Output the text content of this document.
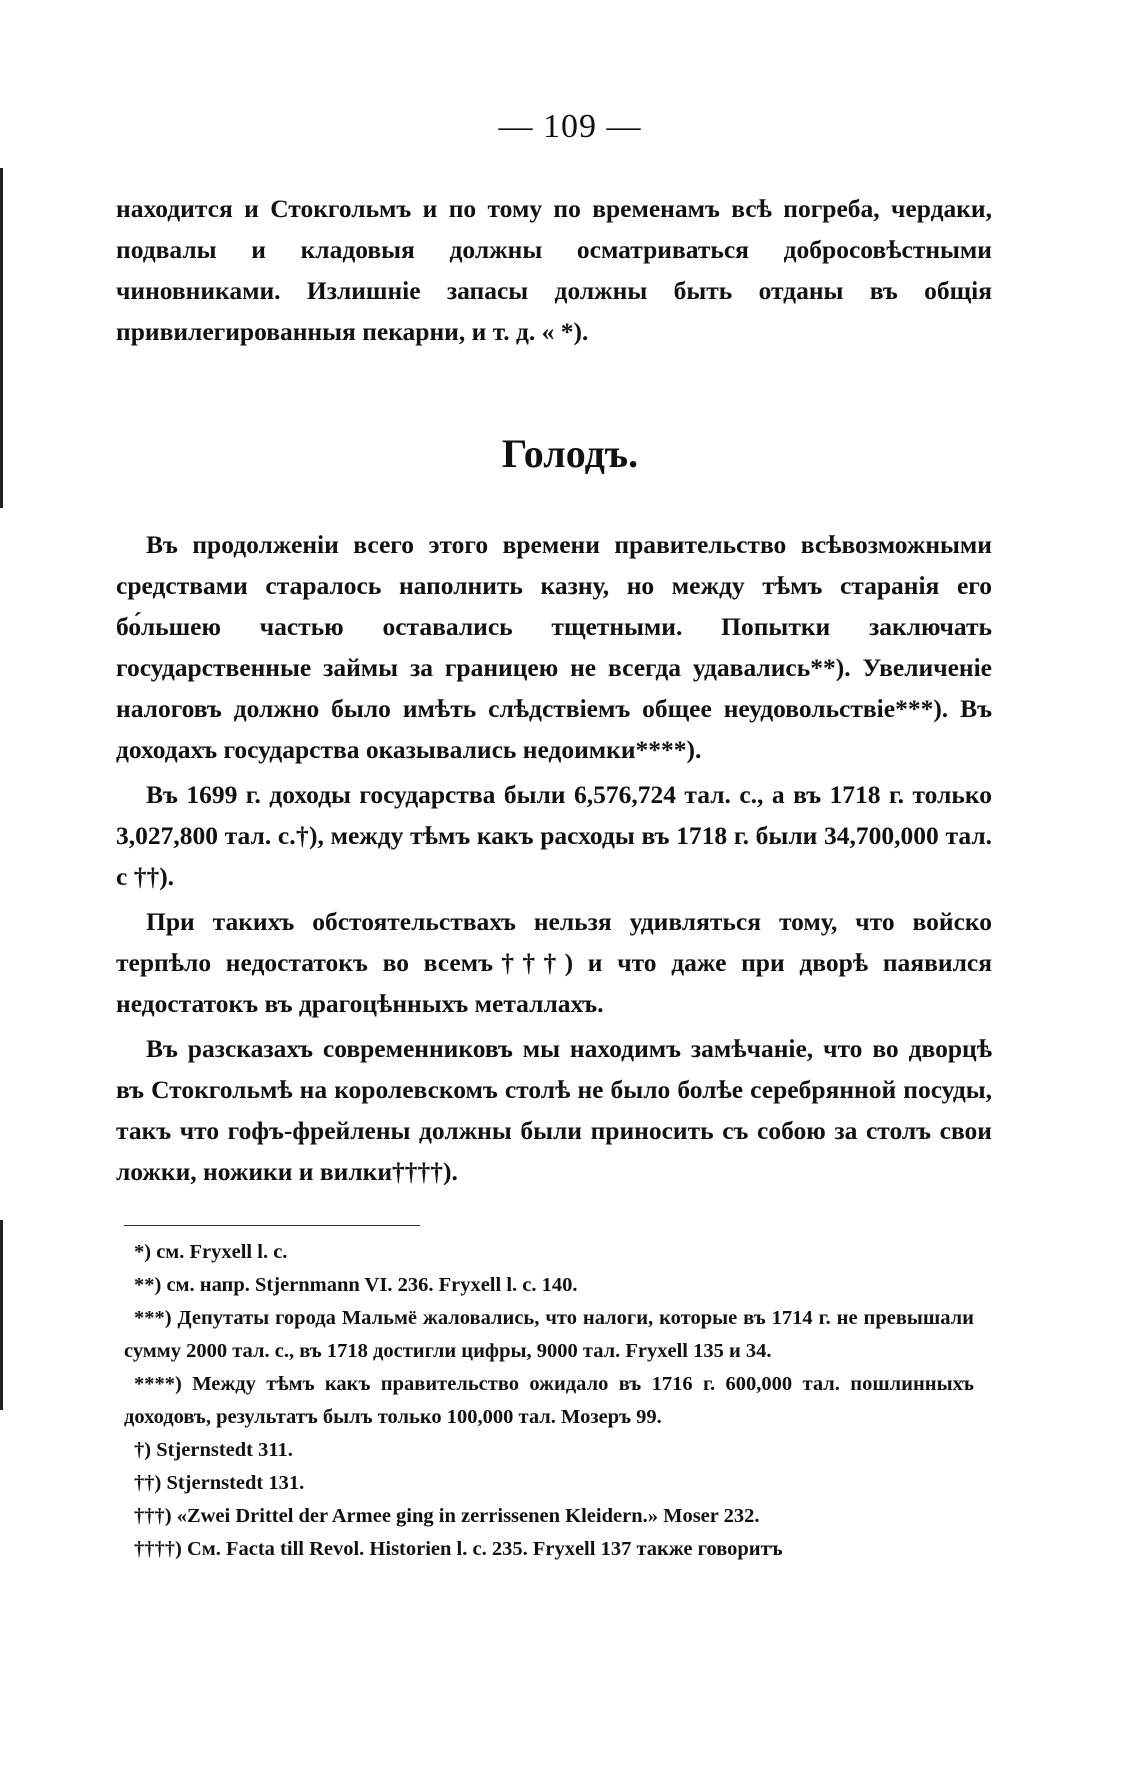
— 109 —

находится и Стокгольмъ и по тому по временамъ всѣ погреба, чердаки, подвалы и кладовыя должны осматриваться добросовѣстными чиновниками. Излишніе запасы должны быть отданы въ общія привилегированныя пекарни, и т. д. « *).

Голодъ.

Въ продолженіи всего этого времени правительство всѣвозможными средствами старалось наполнить казну, но между тѣмъ старанія его бо́льшею частью оставались тщетными. Попытки заключать государственные займы за границею не всегда удавались**). Увеличеніе налоговъ должно было имѣть слѣдствіемъ общее неудовольствіе***). Въ доходахъ государства оказывались недоимки****).

Въ 1699 г. доходы государства были 6,576,724 тал. с., а въ 1718 г. только 3,027,800 тал. с.†), между тѣмъ какъ расходы въ 1718 г. были 34,700,000 тал. с ††).

При такихъ обстоятельствахъ нельзя удивляться тому, что войско терпѣло недостатокъ во всемъ†††) и что даже при дворѣ паявился недостатокъ въ драгоцѣнныхъ металлахъ.

Въ разсказахъ современниковъ мы находимъ замѣчаніе, что во дворцѣ въ Стокгольмѣ на королевскомъ столѣ не было болѣе серебрянной посуды, такъ что гофъ-фрейлены должны были приносить съ собою за столъ свои ложки, ножики и вилки††††).

*) см. Fryxell l. c.

**) см. напр. Stjernmann VI. 236. Fryxell l. c. 140.

***) Депутаты города Мальмё жаловались, что налоги, которые въ 1714 г. не превышали сумму 2000 тал. с., въ 1718 достигли цифры, 9000 тал. Fryxell 135 и 34.

****) Между тѣмъ какъ правительство ожидало въ 1716 г. 600,000 тал. пошлинныхъ доходовъ, результатъ былъ только 100,000 тал. Мозеръ 99.

†) Stjernstedt 311.

††) Stjernstedt 131.

†††) «Zwei Drittel der Armee ging in zerrissenen Kleidern.» Moser 232.

††††) См. Facta till Revol. Historien l. c. 235. Fryxell 137 также говоритъ
